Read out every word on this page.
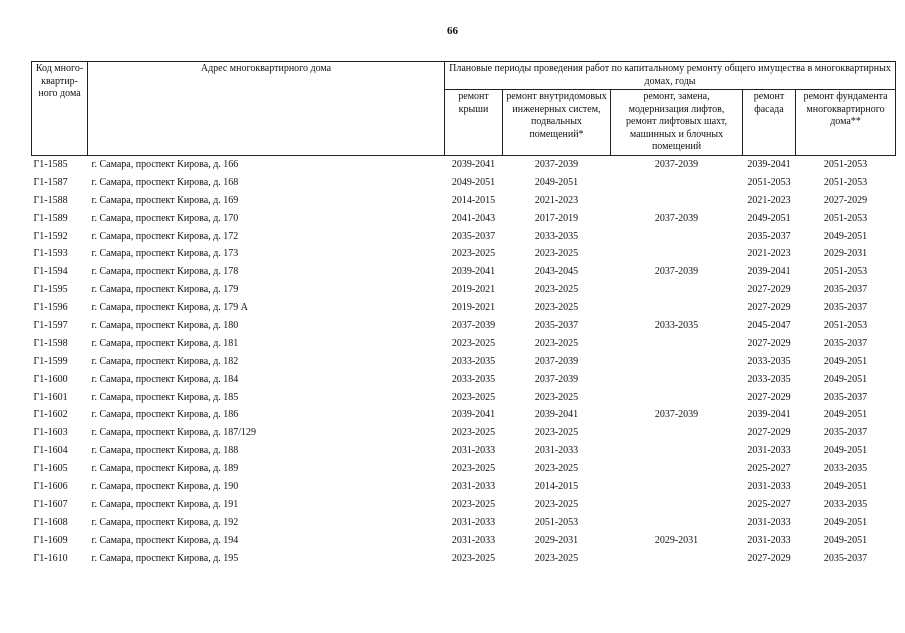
66
Код много-квартир-ного дома	Адрес многоквартирного дома	Плановые периоды проведения работ по капитальному ремонту общего имущества в многоквартирных домах, годы				
		ремонт крыши	ремонт внутридомовых инженерных систем, подвальных помещений*	ремонт, замена, модернизация лифтов, ремонт лифтовых шахт, машинных и блочных помещений	ремонт фасада	ремонт фундамента многоквартирного дома**
Г1-1585	г. Самара, проспект Кирова, д. 166	2039-2041	2037-2039	2037-2039	2039-2041	2051-2053
Г1-1587	г. Самара, проспект Кирова, д. 168	2049-2051	2049-2051		2051-2053	2051-2053
Г1-1588	г. Самара, проспект Кирова, д. 169	2014-2015	2021-2023		2021-2023	2027-2029
Г1-1589	г. Самара, проспект Кирова, д. 170	2041-2043	2017-2019	2037-2039	2049-2051	2051-2053
Г1-1592	г. Самара, проспект Кирова, д. 172	2035-2037	2033-2035		2035-2037	2049-2051
Г1-1593	г. Самара, проспект Кирова, д. 173	2023-2025	2023-2025		2021-2023	2029-2031
Г1-1594	г. Самара, проспект Кирова, д. 178	2039-2041	2043-2045	2037-2039	2039-2041	2051-2053
Г1-1595	г. Самара, проспект Кирова, д. 179	2019-2021	2023-2025		2027-2029	2035-2037
Г1-1596	г. Самара, проспект Кирова, д. 179 А	2019-2021	2023-2025		2027-2029	2035-2037
Г1-1597	г. Самара, проспект Кирова, д. 180	2037-2039	2035-2037	2033-2035	2045-2047	2051-2053
Г1-1598	г. Самара, проспект Кирова, д. 181	2023-2025	2023-2025		2027-2029	2035-2037
Г1-1599	г. Самара, проспект Кирова, д. 182	2033-2035	2037-2039		2033-2035	2049-2051
Г1-1600	г. Самара, проспект Кирова, д. 184	2033-2035	2037-2039		2033-2035	2049-2051
Г1-1601	г. Самара, проспект Кирова, д. 185	2023-2025	2023-2025		2027-2029	2035-2037
Г1-1602	г. Самара, проспект Кирова, д. 186	2039-2041	2039-2041	2037-2039	2039-2041	2049-2051
Г1-1603	г. Самара, проспект Кирова, д. 187/129	2023-2025	2023-2025		2027-2029	2035-2037
Г1-1604	г. Самара, проспект Кирова, д. 188	2031-2033	2031-2033		2031-2033	2049-2051
Г1-1605	г. Самара, проспект Кирова, д. 189	2023-2025	2023-2025		2025-2027	2033-2035
Г1-1606	г. Самара, проспект Кирова, д. 190	2031-2033	2014-2015		2031-2033	2049-2051
Г1-1607	г. Самара, проспект Кирова, д. 191	2023-2025	2023-2025		2025-2027	2033-2035
Г1-1608	г. Самара, проспект Кирова, д. 192	2031-2033	2051-2053		2031-2033	2049-2051
Г1-1609	г. Самара, проспект Кирова, д. 194	2031-2033	2029-2031	2029-2031	2031-2033	2049-2051
Г1-1610	г. Самара, проспект Кирова, д. 195	2023-2025	2023-2025		2027-2029	2035-2037
